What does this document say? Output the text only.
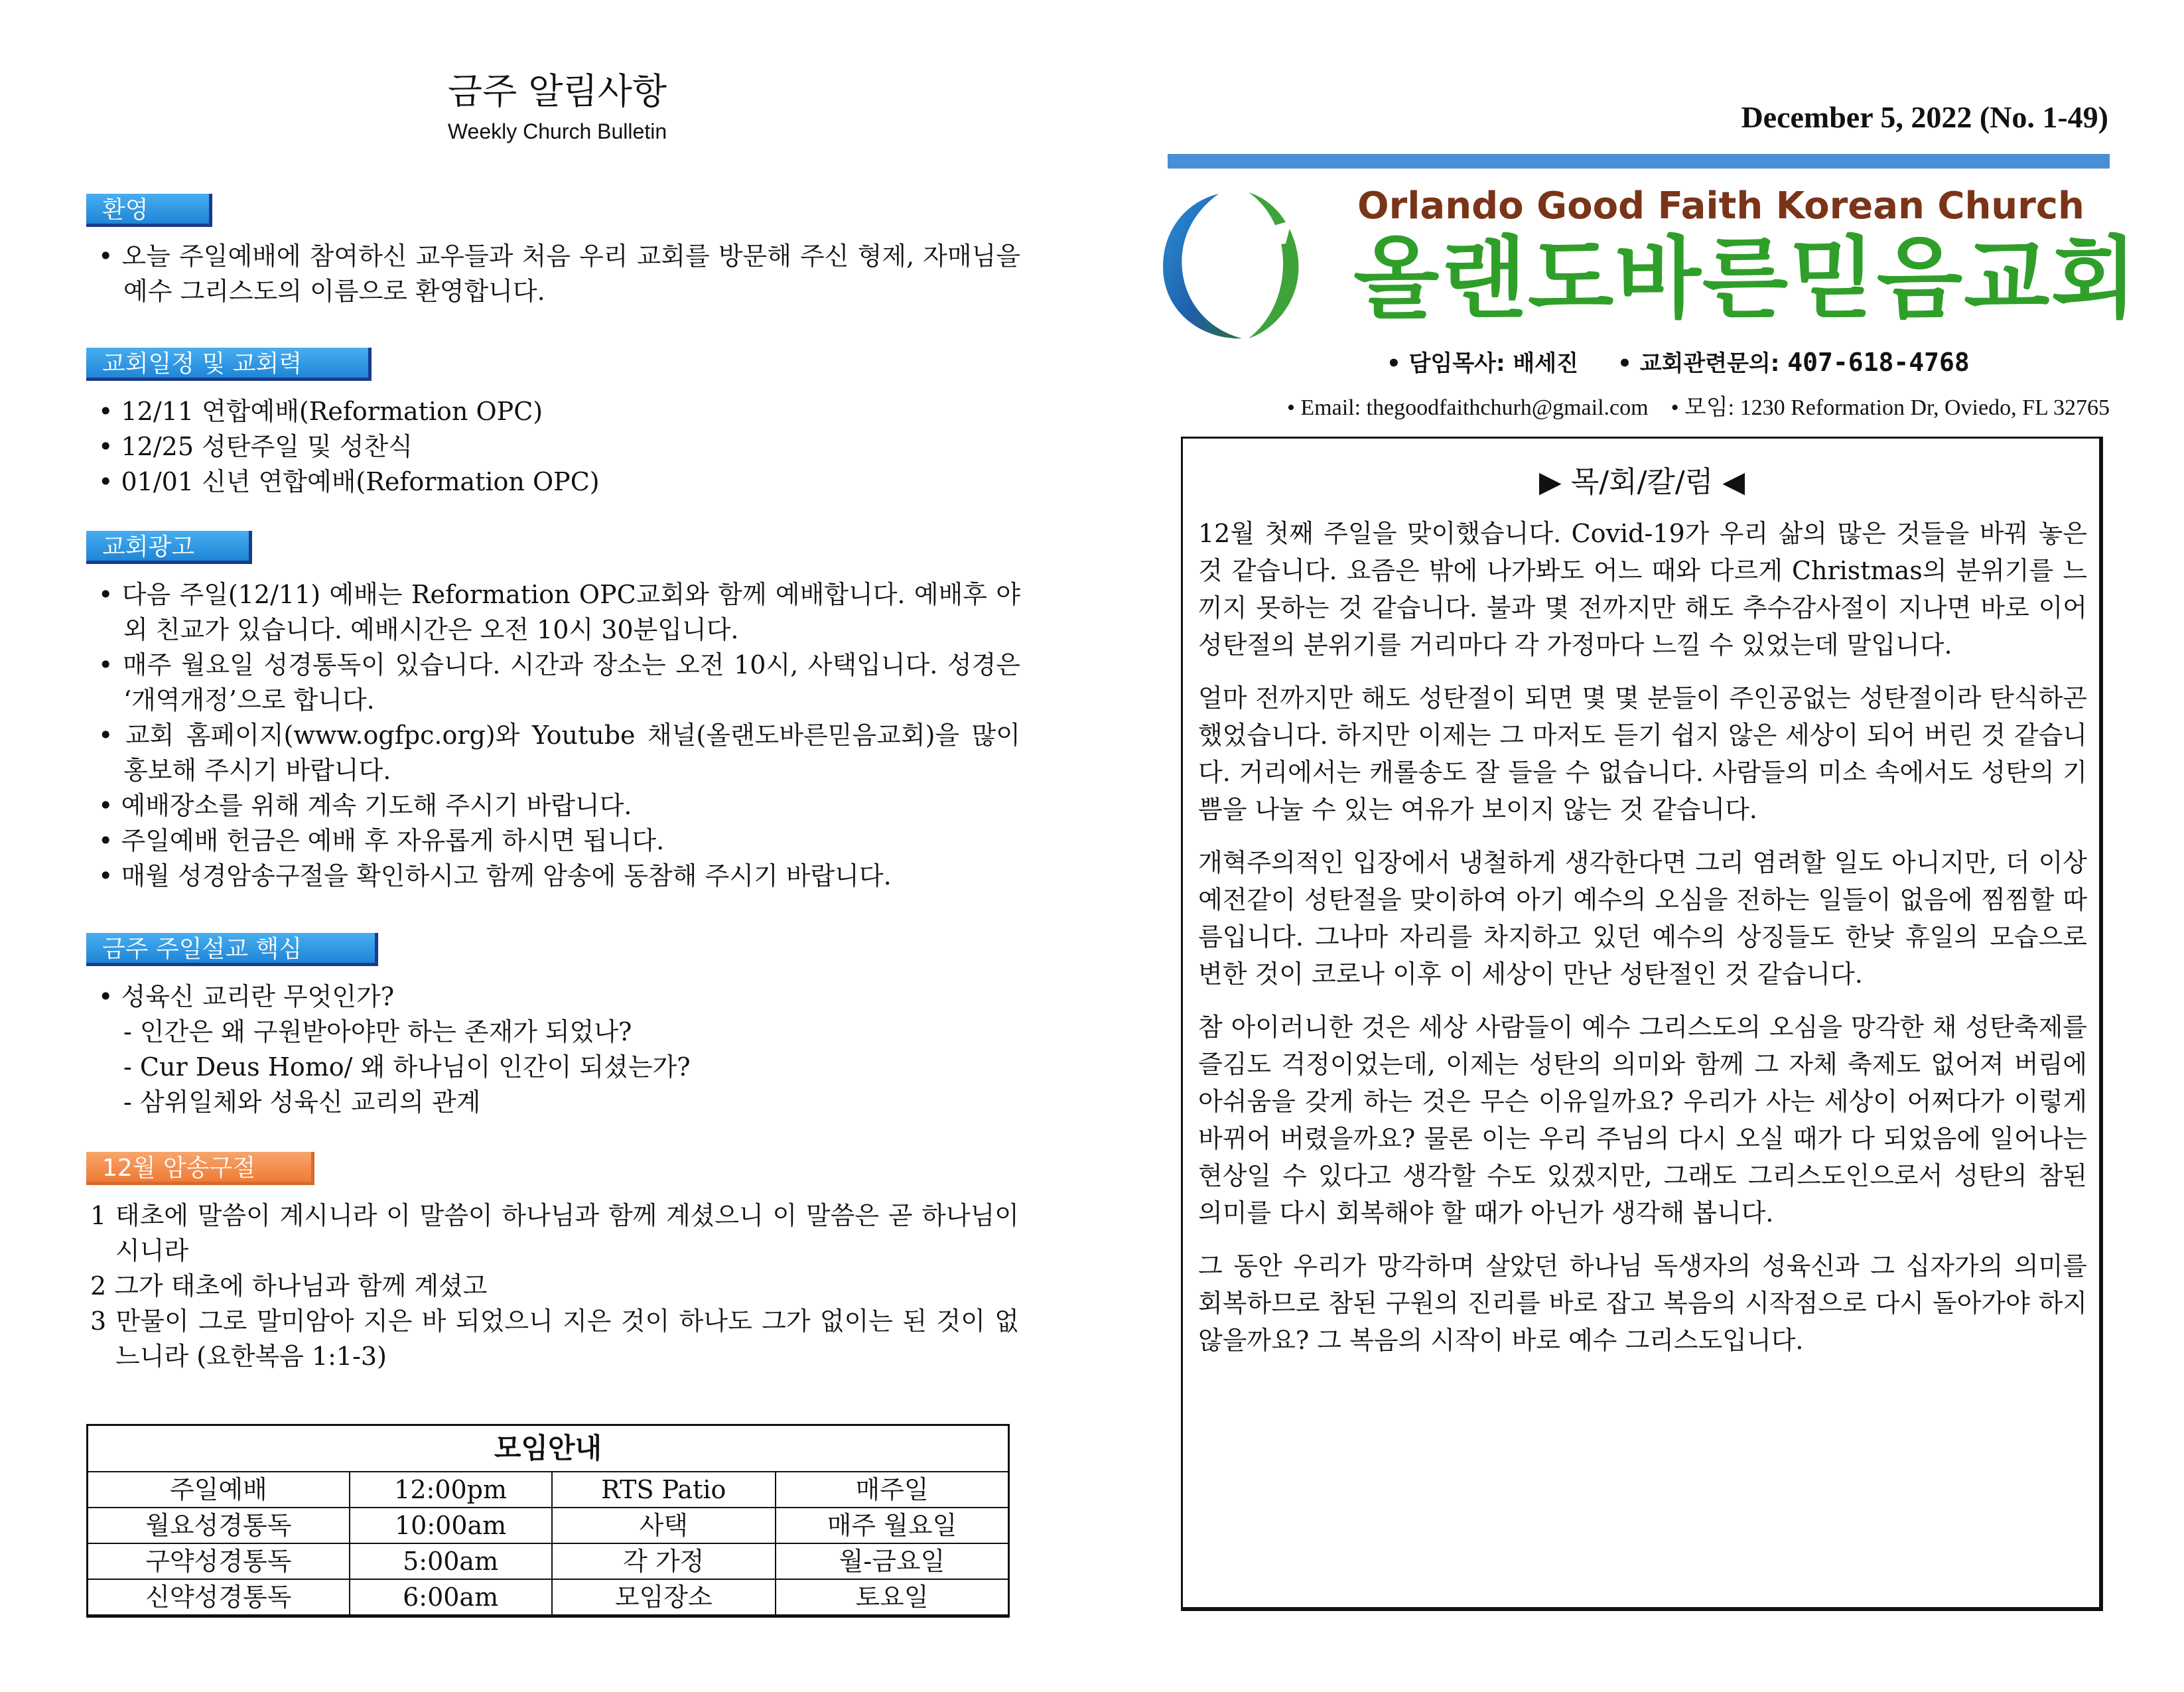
금주 알림사항
Weekly Church Bulletin
환영
• 오늘 주일예배에 참여하신 교우들과 처음 우리 교회를 방문해 주신 형제, 자매님을 예수 그리스도의 이름으로 환영합니다.
교회일정 및 교회력
• 12/11 연합예배(Reformation OPC)
• 12/25 성탄주일 및 성찬식
• 01/01 신년 연합예배(Reformation OPC)
교회광고
• 다음 주일(12/11) 예배는 Reformation OPC교회와 함께 예배합니다. 예배후 야외 친교가 있습니다. 예배시간은 오전 10시 30분입니다.
• 매주 월요일 성경통독이 있습니다. 시간과 장소는 오전 10시, 사택입니다. 성경은 ‘개역개정’으로 합니다.
• 교회 홈페이지(www.ogfpc.org)와 Youtube 채널(올랜도바른믿음교회)을 많이 홍보해 주시기 바랍니다.
• 예배장소를 위해 계속 기도해 주시기 바랍니다.
• 주일예배 헌금은 예배 후 자유롭게 하시면 됩니다.
• 매월 성경암송구절을 확인하시고 함께 암송에 동참해 주시기 바랍니다.
금주 주일설교 핵심
• 성육신 교리란 무엇인가?
- 인간은 왜 구원받아야만 하는 존재가 되었나?
- Cur Deus Homo/ 왜 하나님이 인간이 되셨는가?
- 삼위일체와 성육신 교리의 관계
12월 암송구절
1 태초에 말씀이 계시니라 이 말씀이 하나님과 함께 계셨으니 이 말씀은 곧 하나님이시니라
2 그가 태초에 하나님과 함께 계셨고
3 만물이 그로 말미암아 지은 바 되었으니 지은 것이 하나도 그가 없이는 된 것이 없느니라 (요한복음 1:1-3)
모임안내			
주일예배	12:00pm	RTS Patio	매주일
월요성경통독	10:00am	사택	매주 월요일
구약성경통독	5:00am	각 가정	월-금요일
신약성경통독	6:00am	모임장소	토요일
December 5, 2022 (No. 1-49)
Orlando Good Faith Korean Church
올랜도바른믿음교회
• 담임목사: 배세진 • 교회관련문의: 407-618-4768
• Email: thegoodfaithchurh@gmail.com • 모임: 1230 Reformation Dr, Oviedo, FL 32765
▶ 목/회/칼/럼 ◀

12월 첫째 주일을 맞이했습니다. Covid-19가 우리 삶의 많은 것들을 바꿔 놓은 것 같습니다. 요즘은 밖에 나가봐도 어느 때와 다르게 Christmas의 분위기를 느끼지 못하는 것 같습니다. 불과 몇 전까지만 해도 추수감사절이 지나면 바로 이어 성탄절의 분위기를 거리마다 각 가정마다 느낄 수 있었는데 말입니다.

얼마 전까지만 해도 성탄절이 되면 몇 몇 분들이 주인공없는 성탄절이라 탄식하곤 했었습니다. 하지만 이제는 그 마저도 듣기 쉽지 않은 세상이 되어 버린 것 같습니다. 거리에서는 캐롤송도 잘 들을 수 없습니다. 사람들의 미소 속에서도 성탄의 기쁨을 나눌 수 있는 여유가 보이지 않는 것 같습니다.

개혁주의적인 입장에서 냉철하게 생각한다면 그리 염려할 일도 아니지만, 더 이상 예전같이 성탄절을 맞이하여 아기 예수의 오심을 전하는 일들이 없음에 찜찜할 따름입니다. 그나마 자리를 차지하고 있던 예수의 상징들도 한낮 휴일의 모습으로 변한 것이 코로나 이후 이 세상이 만난 성탄절인 것 같습니다.

참 아이러니한 것은 세상 사람들이 예수 그리스도의 오심을 망각한 채 성탄축제를 즐김도 걱정이었는데, 이제는 성탄의 의미와 함께 그 자체 축제도 없어져 버림에 아쉬움을 갖게 하는 것은 무슨 이유일까요? 우리가 사는 세상이 어쩌다가 이렇게 바뀌어 버렸을까요? 물론 이는 우리 주님의 다시 오실 때가 다 되었음에 일어나는 현상일 수 있다고 생각할 수도 있겠지만, 그래도 그리스도인으로서 성탄의 참된 의미를 다시 회복해야 할 때가 아닌가 생각해 봅니다.

그 동안 우리가 망각하며 살았던 하나님 독생자의 성육신과 그 십자가의 의미를 회복하므로 참된 구원의 진리를 바로 잡고 복음의 시작점으로 다시 돌아가야 하지 않을까요? 그 복음의 시작이 바로 예수 그리스도입니다.
